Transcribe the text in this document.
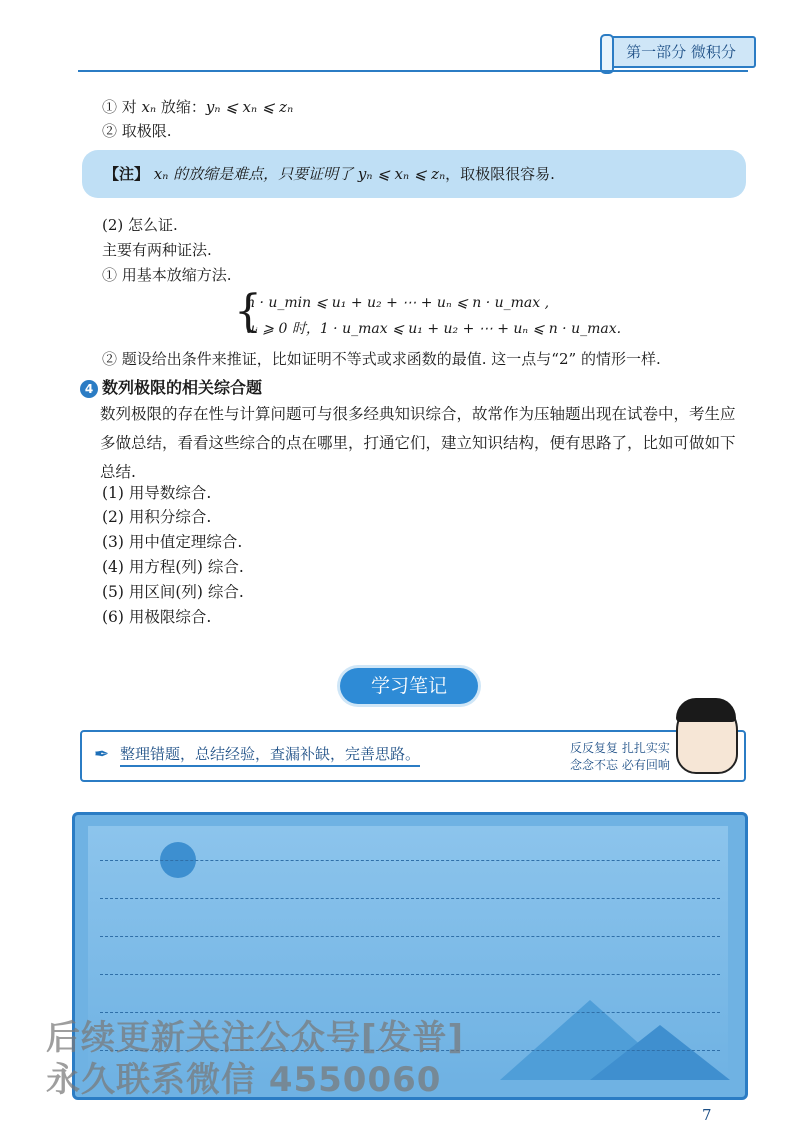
第一部分 微积分
① 对 xₙ 放缩：yₙ ⩽ xₙ ⩽ zₙ
② 取极限.
【注】 xₙ 的放缩是难点，只要证明了 yₙ ⩽ xₙ ⩽ zₙ，取极限很容易.
(2) 怎么证.
主要有两种证法.
① 用基本放缩方法.
{
n · u_min ⩽ u₁ + u₂ + ⋯ + uₙ ⩽ n · u_max ,
uᵢ ⩾ 0 时，1 · u_max ⩽ u₁ + u₂ + ⋯ + uₙ ⩽ n · u_max.
② 题设给出条件来推证，比如证明不等式或求函数的最值. 这一点与“2” 的情形一样.
4 数列极限的相关综合题
数列极限的存在性与计算问题可与很多经典知识综合，故常作为压轴题出现在试卷中，考生应多做总结，看看这些综合的点在哪里，打通它们，建立知识结构，便有思路了，比如可做如下总结.
(1) 用导数综合.
(2) 用积分综合.
(3) 用中值定理综合.
(4) 用方程(列) 综合.
(5) 用区间(列) 综合.
(6) 用极限综合.
学习笔记
✒ 整理错题，总结经验，查漏补缺，完善思路。	反反复复 扎扎实实
念念不忘 必有回响
后续更新关注公众号[发普]
永久联系微信 4550060
7
